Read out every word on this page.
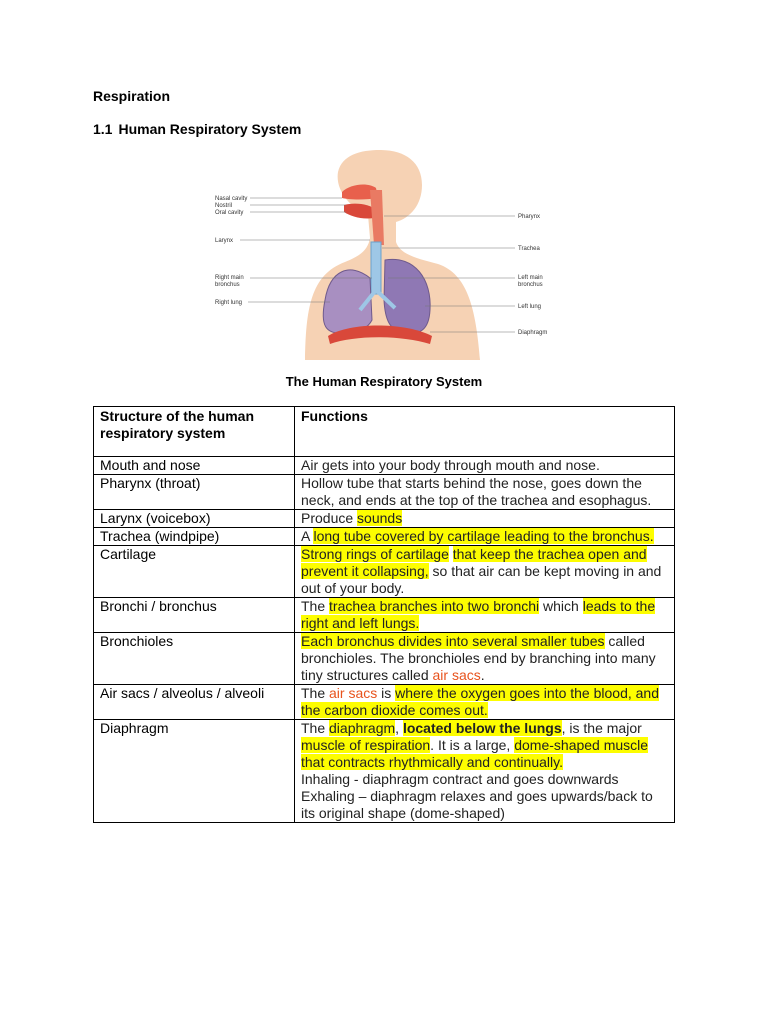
Respiration
1.1 Human Respiratory System
Nasal cavity
Nostril
Oral cavity
Larynx
Right main
bronchus
Right lung
Pharynx
Trachea
Left main
bronchus
Left lung
Diaphragm
The Human Respiratory System
Structure of the human respiratory system	Functions
Mouth and nose	Air gets into your body through mouth and nose.
Pharynx (throat)	Hollow tube that starts behind the nose, goes down the neck, and ends at the top of the trachea and esophagus.
Larynx (voicebox)	Produce sounds
Trachea (windpipe)	A long tube covered by cartilage leading to the bronchus.
Cartilage	Strong rings of cartilage that keep the trachea open and prevent it collapsing, so that air can be kept moving in and out of your body.
Bronchi / bronchus	The trachea branches into two bronchi which leads to the right and left lungs.
Bronchioles	Each bronchus divides into several smaller tubes called bronchioles. The bronchioles end by branching into many tiny structures called air sacs.
Air sacs / alveolus / alveoli	The air sacs is where the oxygen goes into the blood, and the carbon dioxide comes out.
Diaphragm	The diaphragm, located below the lungs, is the major muscle of respiration. It is a large, dome-shaped muscle that contracts rhythmically and continually.
Inhaling - diaphragm contract and goes downwards
Exhaling – diaphragm relaxes and goes upwards/back to its original shape (dome-shaped)
